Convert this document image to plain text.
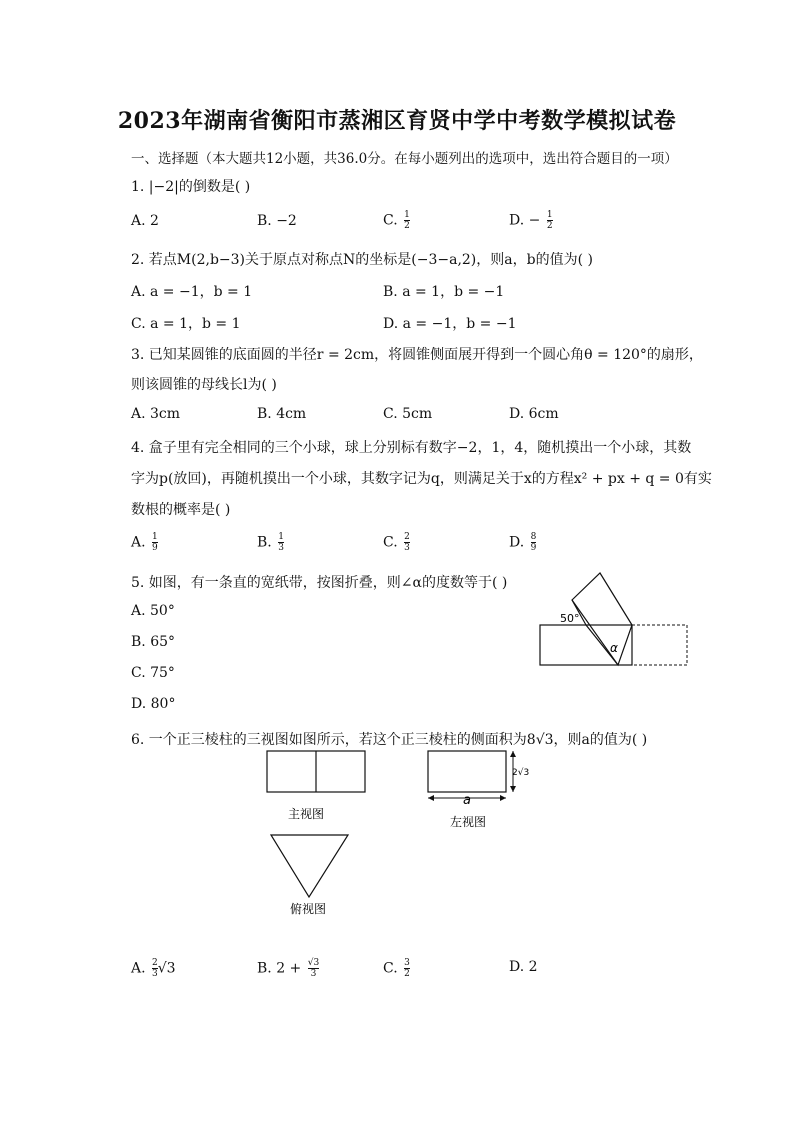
2023年湖南省衡阳市蒸湘区育贤中学中考数学模拟试卷
一、选择题（本大题共12小题，共36.0分。在每小题列出的选项中，选出符合题目的一项）
1. |−2|的倒数是( )
A. 2	B. −2	C. $\frac{1}{2}$	D. − $\frac{1}{2}$
2. 若点M(2,b−3)关于原点对称点N的坐标是(−3−a,2)，则a，b的值为( )
A. a = −1，b = 1	B. a = 1，b = −1
C. a = 1，b = 1	D. a = −1，b = −1
3. 已知某圆锥的底面圆的半径r = 2cm，将圆锥侧面展开得到一个圆心角θ = 120°的扇形，
则该圆锥的母线长l为( )
A. 3cm	B. 4cm	C. 5cm	D. 6cm
4. 盒子里有完全相同的三个小球，球上分别标有数字−2，1，4，随机摸出一个小球，其数
字为p(放回)，再随机摸出一个小球，其数字记为q，则满足关于x的方程x² + px + q = 0有实
数根的概率是( )
A. $\frac{1}{9}$	B. $\frac{1}{3}$	C. $\frac{2}{3}$	D. $\frac{8}{9}$
5. 如图，有一条直的宽纸带，按图折叠，则∠α的度数等于( )
A. 50°
B. 65°
C. 75°
D. 80°
50°
α
6. 一个正三棱柱的三视图如图所示，若这个正三棱柱的侧面积为8√3，则a的值为( )
主视图
2√3
a
左视图
俯视图
A. $\frac{2}{3} √3$	B. $2 + \frac{√3}{3}$	C. $\frac{3}{2}$	D. 2
